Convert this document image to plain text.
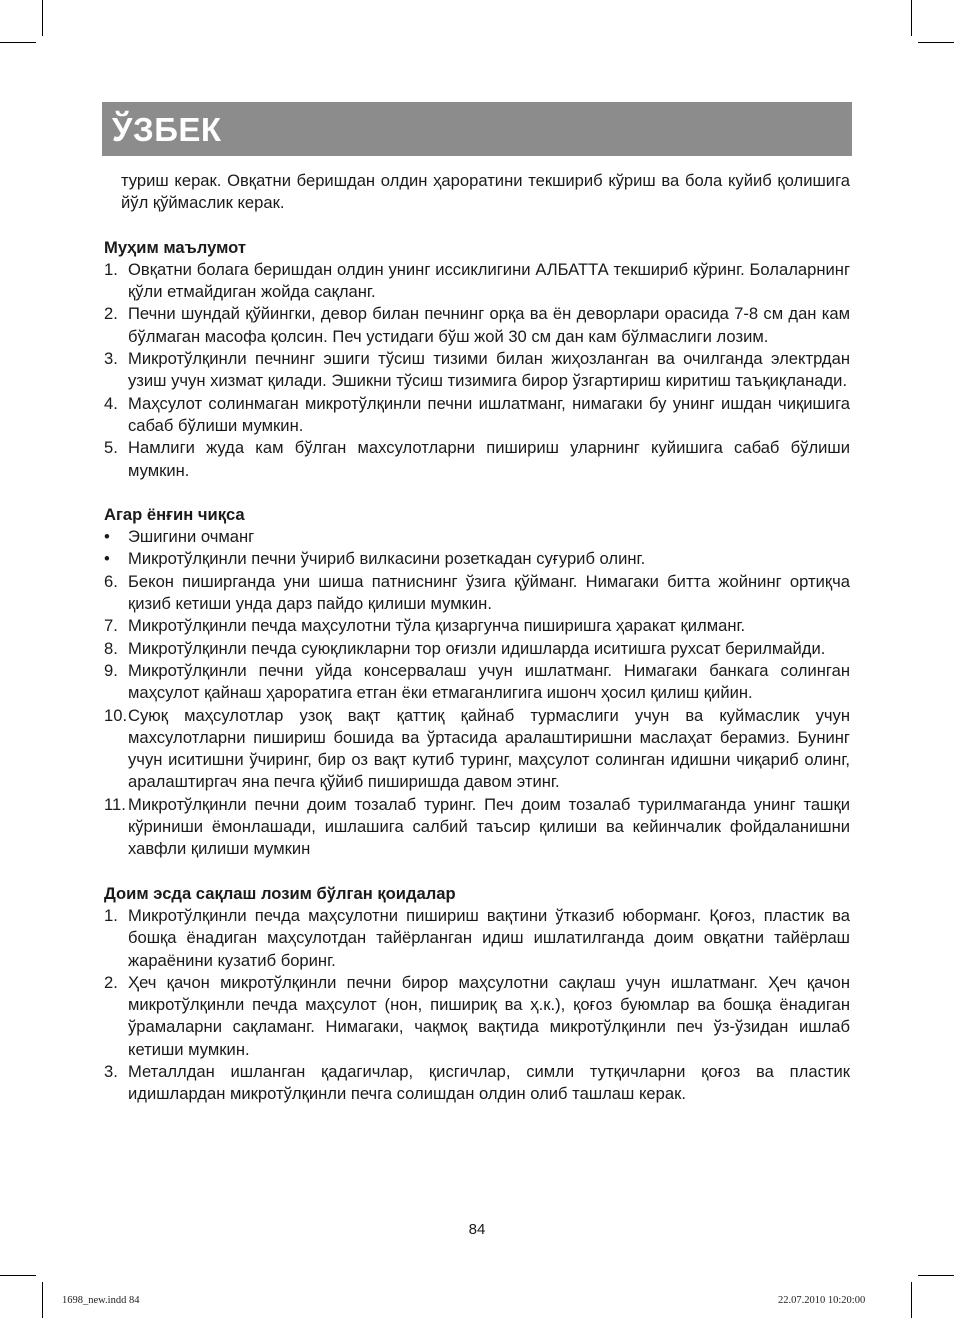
ЎЗБЕК

туриш керак. Овқатни беришдан олдин ҳароратини текшириб кўриш ва бола куйиб қолишига йўл қўймаслик керак.

Муҳим маълумот
1. Овқатни болага беришдан олдин унинг иссиклигини АЛБАТТА текшириб кўринг. Болаларнинг қўли етмайдиган жойда сақланг.
2. Печни шундай қўйингки, девор билан печнинг орқа ва ён деворлари орасида 7-8 см дан кам бўлмаган масофа қолсин. Печ устидаги бўш жой 30 см дан кам бўлмаслиги лозим.
3. Микротўлқинли печнинг эшиги тўсиш тизими билан жиҳозланган ва очилганда электрдан узиш учун хизмат қилади. Эшикни тўсиш тизимига бирор ўзгартириш киритиш таъқиқланади.
4. Маҳсулот солинмаган микротўлқинли печни ишлатманг, нимагаки бу унинг ишдан чиқишига сабаб бўлиши мумкин.
5. Намлиги жуда кам бўлган махсулотларни пишириш уларнинг куйишига сабаб бўлиши мумкин.
Агар ёнғин чиқса
• Эшигини очманг
• Микротўлқинли печни ўчириб вилкасини розеткадан суғуриб олинг.
6. Бекон пиширганда уни шиша патниснинг ўзига қўйманг. Нимагаки битта жойнинг ортиқча қизиб кетиши унда дарз пайдо қилиши мумкин.
7. Микротўлқинли печда маҳсулотни тўла қизаргунча пиширишга ҳаракат қилманг.
8. Микротўлқинли печда суюқликларни тор оғизли идишларда иситишга рухсат берилмайди.
9. Микротўлқинли печни уйда консервалаш учун ишлатманг. Нимагаки банкага солинган маҳсулот қайнаш ҳароратига етган ёки етмаганлигига ишонч ҳосил қилиш қийин.
10. Суюқ маҳсулотлар узоқ вақт қаттиқ қайнаб турмаслиги учун ва куймаслик учун махсулотларни пишириш бошида ва ўртасида аралаштиришни маслаҳат берамиз. Бунинг учун иситишни ўчиринг, бир оз вақт кутиб туринг, маҳсулот солинган идишни чиқариб олинг, аралаштиргач яна печга қўйиб пиширишда давом этинг.
11. Микротўлқинли печни доим тозалаб туринг. Печ доим тозалаб турилмаганда унинг ташқи кўриниши ёмонлашади, ишлашига салбий таъсир қилиши ва кейинчалик фойдаланишни хавфли қилиши мумкин
Доим эсда сақлаш лозим бўлган қоидалар
1. Микротўлқинли печда маҳсулотни пишириш вақтини ўтказиб юборманг. Қоғоз, пластик ва бошқа ёнадиган маҳсулотдан тайёрланган идиш ишлатилганда доим овқатни тайёрлаш жараёнини кузатиб боринг.
2. Ҳеч қачон микротўлқинли печни бирор маҳсулотни сақлаш учун ишлатманг. Ҳеч қачон микротўлқинли печда маҳсулот (нон, пишириқ ва ҳ.к.), қоғоз буюмлар ва бошқа ёнадиган ўрамаларни сақламанг. Нимагаки, чақмоқ вақтида микротўлқинли печ ўз-ўзидан ишлаб кетиши мумкин.
3. Металлдан ишланган қадагичлар, қисгичлар, симли тутқичларни қоғоз ва пластик идишлардан микротўлқинли печга солишдан олдин олиб ташлаш керак.
84
1698_new.indd 84	22.07.2010 10:20:00
